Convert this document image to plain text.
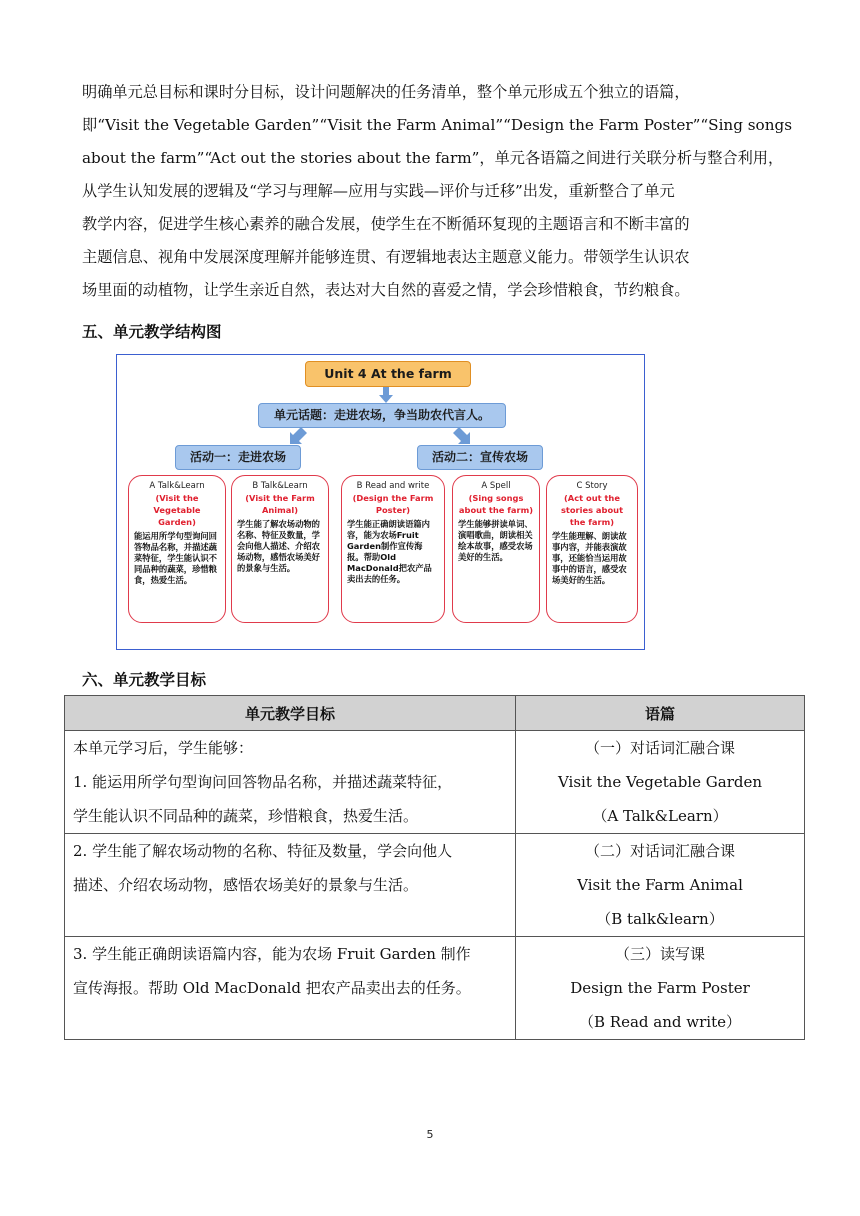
明确单元总目标和课时分目标，设计问题解决的任务清单，整个单元形成五个独立的语篇，
即“Visit the Vegetable Garden”“Visit the Farm Animal”“Design the Farm Poster”“Sing songs
about the farm”“Act out the stories about the farm”，单元各语篇之间进行关联分析与整合利用，
从学生认知发展的逻辑及“学习与理解—应用与实践—评价与迁移”出发，重新整合了单元
教学内容，促进学生核心素养的融合发展，使学生在不断循环复现的主题语言和不断丰富的
主题信息、视角中发展深度理解并能够连贯、有逻辑地表达主题意义能力。带领学生认识农
场里面的动植物，让学生亲近自然，表达对大自然的喜爱之情，学会珍惜粮食，节约粮食。
五、单元教学结构图
Unit 4 At the farm
单元话题：走进农场，争当助农代言人。
活动一：走进农场	活动二：宣传农场
A Talk&Learn
(Visit the Vegetable Garden)
能运用所学句型询问回答物品名称，并描述蔬菜特征，学生能认识不同品种的蔬菜，珍惜粮食，热爱生活。
B Talk&Learn
(Visit the Farm Animal)
学生能了解农场动物的名称、特征及数量，学会向他人描述、介绍农场动物，感悟农场美好的景象与生活。
B Read and write
(Design the Farm Poster)
学生能正确朗读语篇内容，能为农场Fruit Garden制作宣传海报。帮助Old MacDonald把农产品卖出去的任务。
A Spell
(Sing songs about the farm)
学生能够拼读单词、演唱歌曲，朗读相关绘本故事，感受农场美好的生活。
C Story
(Act out the stories about the farm)
学生能理解、朗读故事内容，并能表演故事，还能恰当运用故事中的语言，感受农场美好的生活。
六、单元教学目标
单元教学目标	语篇

本单元学习后，学生能够：
1. 能运用所学句型询问回答物品名称，并描述蔬菜特征，
学生能认识不同品种的蔬菜，珍惜粮食，热爱生活。	（一）对话词汇融合课
Visit the Vegetable Garden
（A Talk&Learn）

2. 学生能了解农场动物的名称、特征及数量，学会向他人
描述、介绍农场动物，感悟农场美好的景象与生活。	（二）对话词汇融合课
Visit the Farm Animal
（B talk&learn）

3. 学生能正确朗读语篇内容，能为农场 Fruit Garden 制作
宣传海报。帮助 Old MacDonald 把农产品卖出去的任务。	（三）读写课
Design the Farm Poster
（B Read and write）
5
